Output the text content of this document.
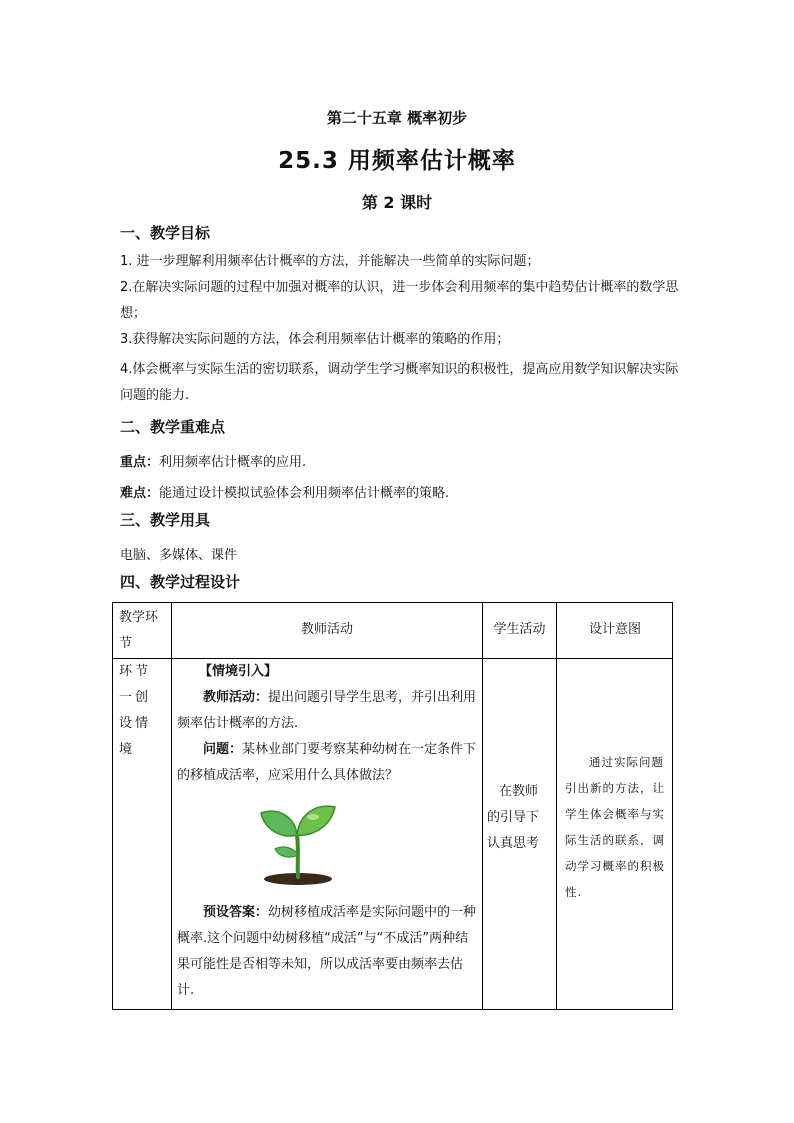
第二十五章 概率初步
25.3 用频率估计概率
第 2 课时
一、教学目标
1. 进一步理解利用频率估计概率的方法，并能解决一些简单的实际问题；
2.在解决实际问题的过程中加强对概率的认识，进一步体会利用频率的集中趋势估计概率的数学思想；
3.获得解决实际问题的方法，体会利用频率估计概率的策略的作用；
4.体会概率与实际生活的密切联系，调动学生学习概率知识的积极性，提高应用数学知识解决实际问题的能力.
二、教学重难点
重点：利用频率估计概率的应用.
难点：能通过设计模拟试验体会利用频率估计概率的策略.
三、教学用具
电脑、多媒体、课件
四、教学过程设计
教学环节
教师活动	学生活动	设计意图
环节一创设情境
【情境引入】
教师活动：提出问题引导学生思考，并引出利用频率估计概率的方法.
问题：某林业部门要考察某种幼树在一定条件下的移植成活率，应采用什么具体做法？
预设答案：幼树移植成活率是实际问题中的一种概率.这个问题中幼树移植“成活”与“不成活”两种结果可能性是否相等未知，所以成活率要由频率去估计.
在教师的引导下认真思考
通过实际问题引出新的方法，让学生体会概率与实际生活的联系，调动学习概率的积极性.
